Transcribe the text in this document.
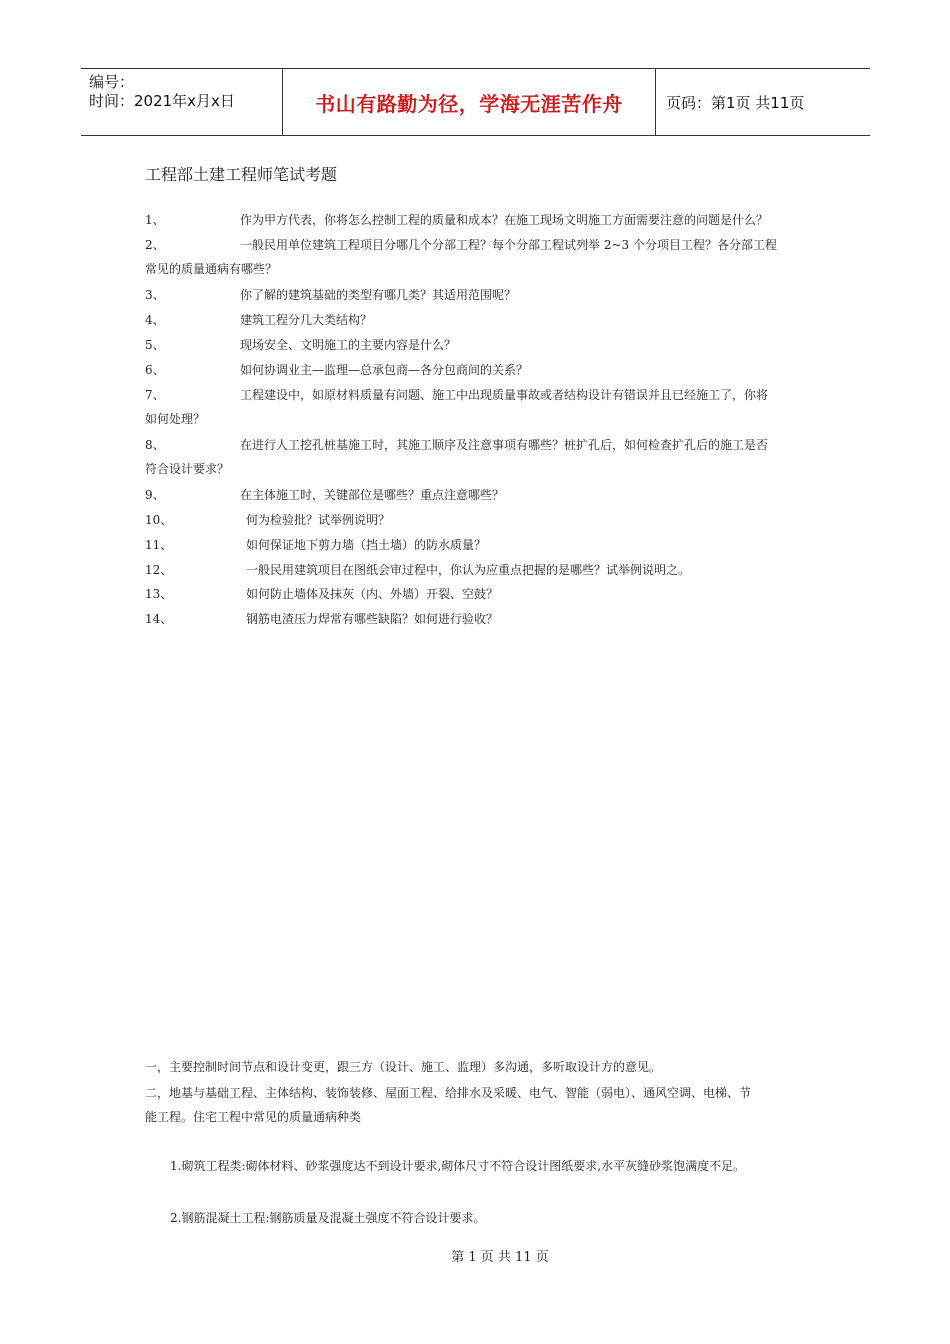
编号：
时间：2021年x月x日	书山有路勤为径，学海无涯苦作舟	页码：第1页 共11页
工程部土建工程师笔试考题
1、	作为甲方代表，你将怎么控制工程的质量和成本？在施工现场文明施工方面需要注意的问题是什么？
2、	一般民用单位建筑工程项目分哪几个分部工程？每个分部工程试列举 2~3 个分项目工程？各分部工程
常见的质量通病有哪些？
3、	你了解的建筑基础的类型有哪几类？其适用范围呢？
4、	建筑工程分几大类结构？
5、	现场安全、文明施工的主要内容是什么？
6、	如何协调业主—监理—总承包商—各分包商间的关系？
7、	工程建设中，如原材料质量有问题、施工中出现质量事故或者结构设计有错误并且已经施工了，你将
如何处理？
8、	在进行人工挖孔桩基施工时，其施工顺序及注意事项有哪些？桩扩孔后，如何检查扩孔后的施工是否
符合设计要求？
9、	在主体施工时，关键部位是哪些？重点注意哪些？
10、	何为检验批？试举例说明？
11、	如何保证地下剪力墙（挡土墙）的防水质量？
12、	一般民用建筑项目在图纸会审过程中，你认为应重点把握的是哪些？试举例说明之。
13、	如何防止墙体及抹灰（内、外墙）开裂、空鼓？
14、	钢筋电渣压力焊常有哪些缺陷？如何进行验收？
一，主要控制时间节点和设计变更，跟三方（设计、施工、监理）多沟通，多听取设计方的意见。
二，地基与基础工程、主体结构、装饰装修、屋面工程、给排水及采暖、电气、智能（弱电）、通风空调、电梯、节
能工程。住宅工程中常见的质量通病种类
1.砌筑工程类:砌体材料、砂浆强度达不到设计要求,砌体尺寸不符合设计图纸要求,水平灰缝砂浆饱满度不足。
2.钢筋混凝土工程:钢筋质量及混凝土强度不符合设计要求。
第 1 页 共 11 页
